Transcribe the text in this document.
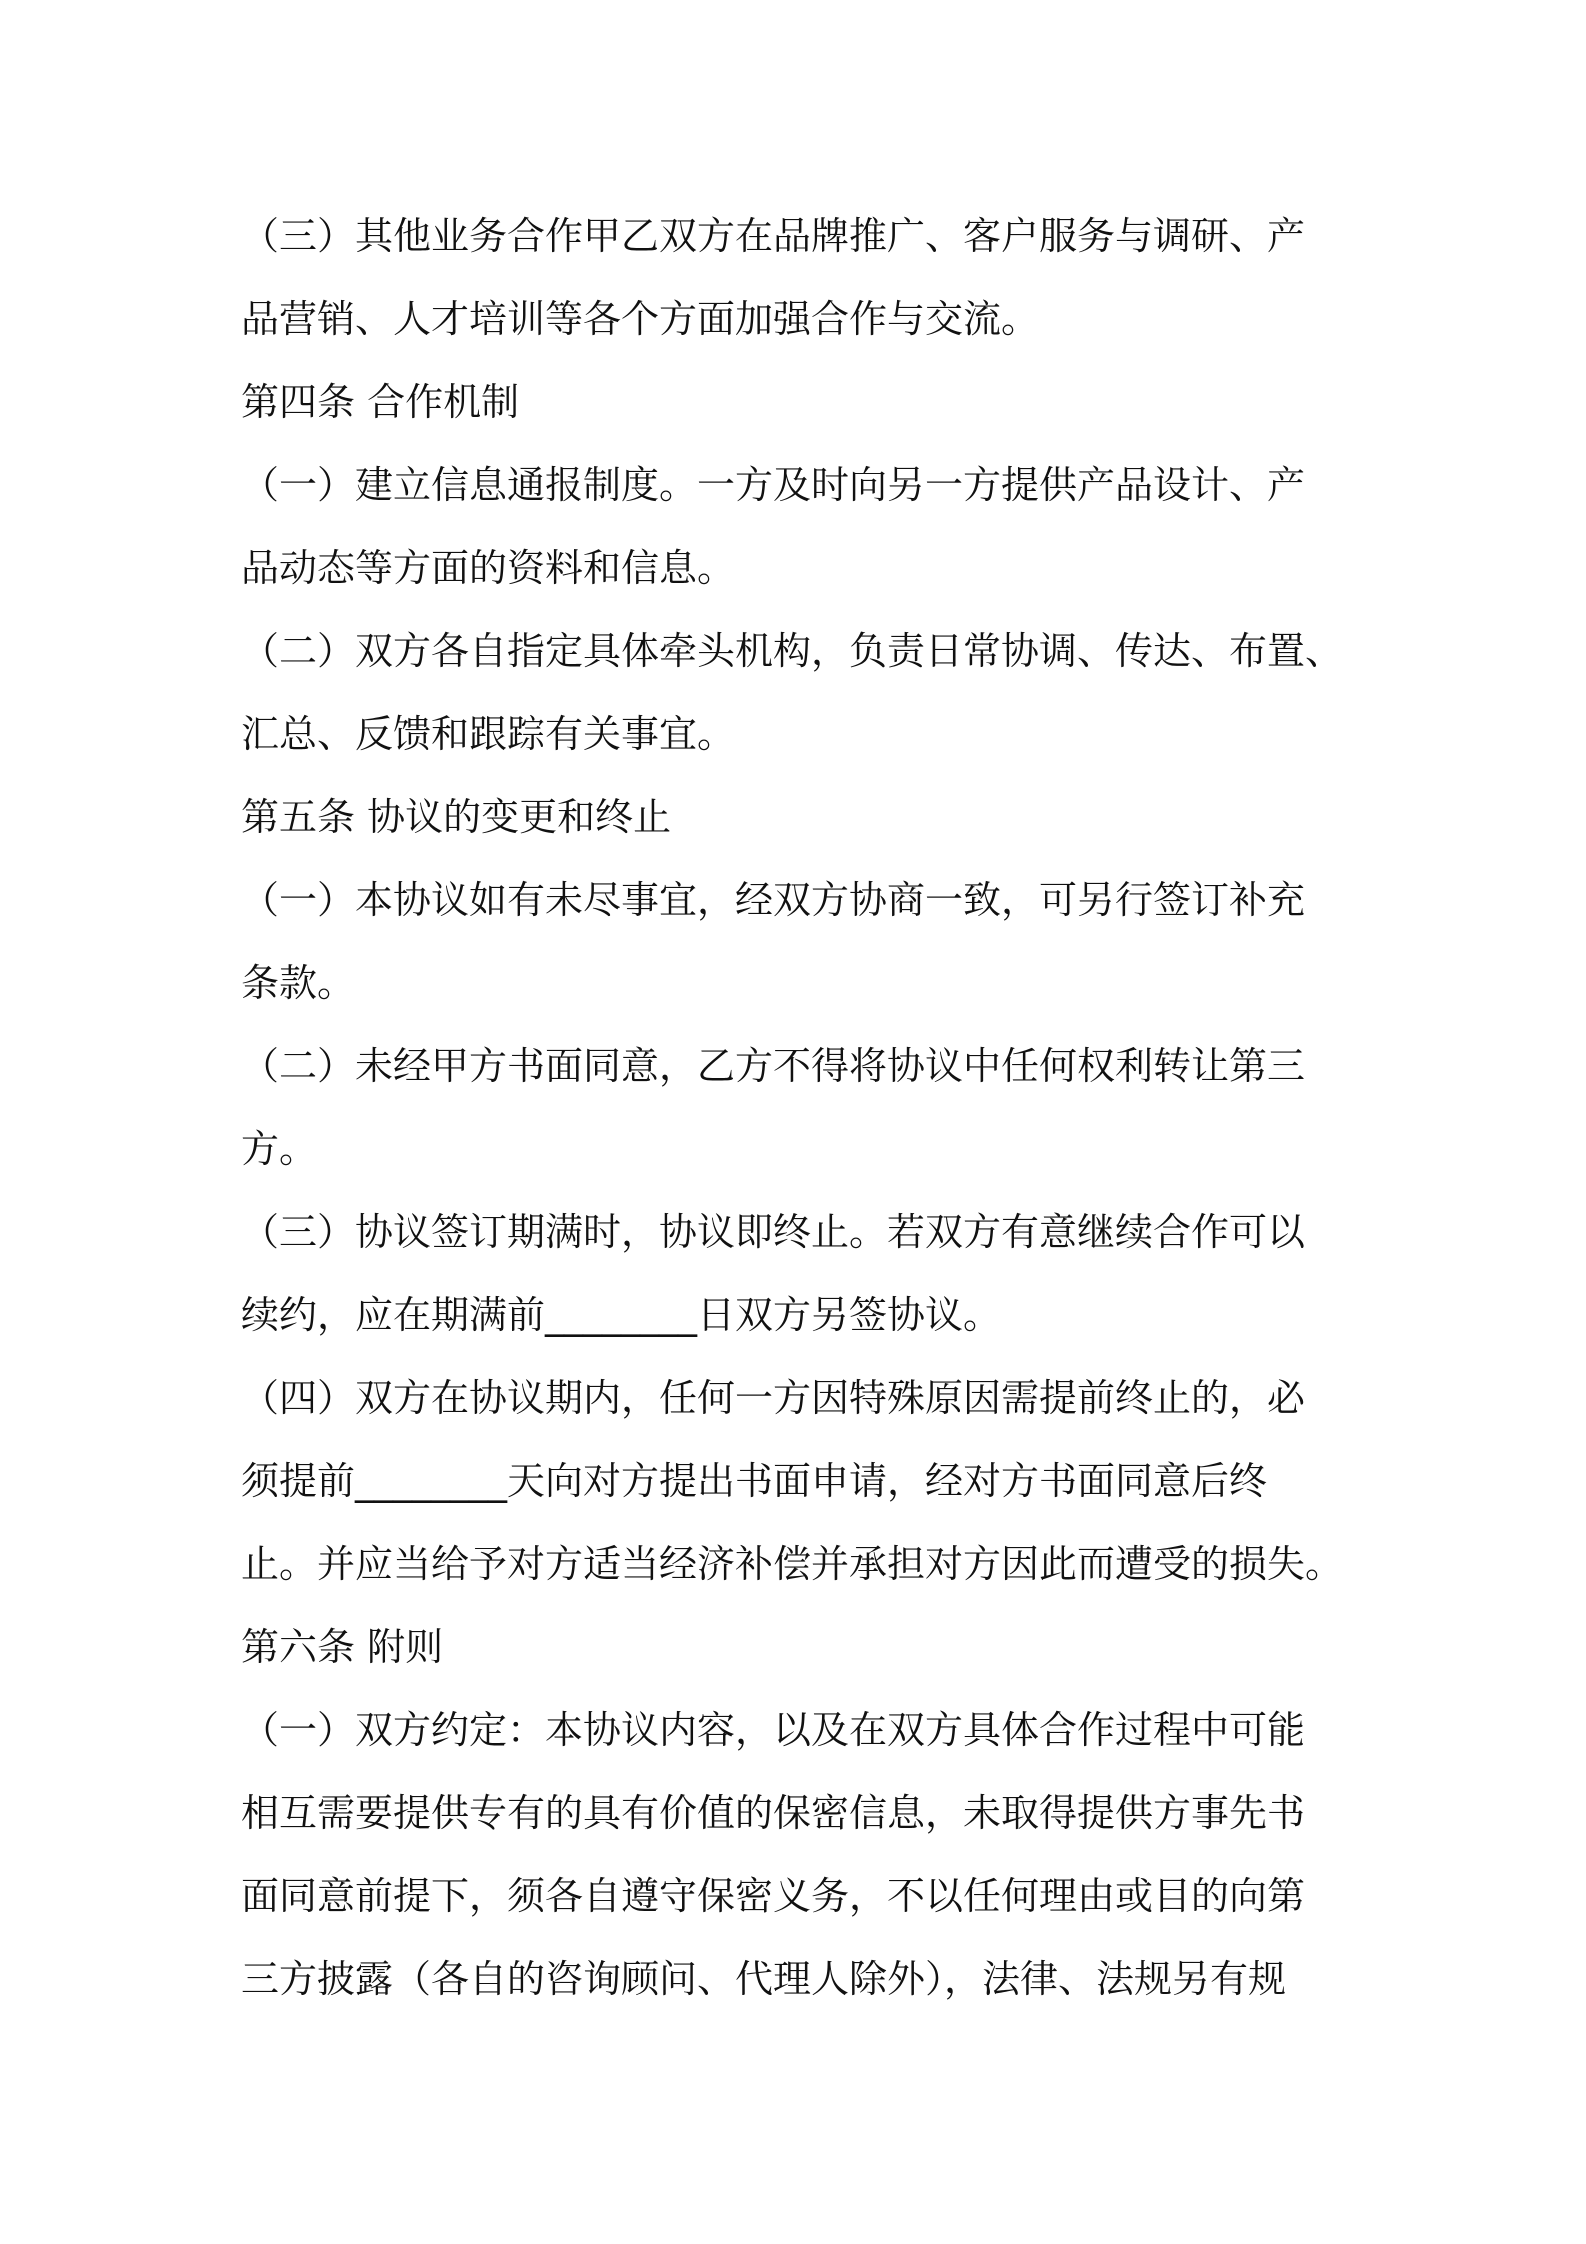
（三）其他业务合作甲乙双方在品牌推广、客户服务与调研、产
品营销、人才培训等各个方面加强合作与交流。
第四条 合作机制
（一）建立信息通报制度。一方及时向另一方提供产品设计、产
品动态等方面的资料和信息。
（二）双方各自指定具体牵头机构，负责日常协调、传达、布置、
汇总、反馈和跟踪有关事宜。
第五条 协议的变更和终止
（一）本协议如有未尽事宜，经双方协商一致，可另行签订补充
条款。
（二）未经甲方书面同意，乙方不得将协议中任何权利转让第三
方。
（三）协议签订期满时，协议即终止。若双方有意继续合作可以
续约，应在期满前________日双方另签协议。
（四）双方在协议期内，任何一方因特殊原因需提前终止的，必
须提前________天向对方提出书面申请，经对方书面同意后终
止。并应当给予对方适当经济补偿并承担对方因此而遭受的损失。
第六条 附则
（一）双方约定：本协议内容，以及在双方具体合作过程中可能
相互需要提供专有的具有价值的保密信息，未取得提供方事先书
面同意前提下，须各自遵守保密义务，不以任何理由或目的向第
三方披露（各自的咨询顾问、代理人除外），法律、法规另有规
